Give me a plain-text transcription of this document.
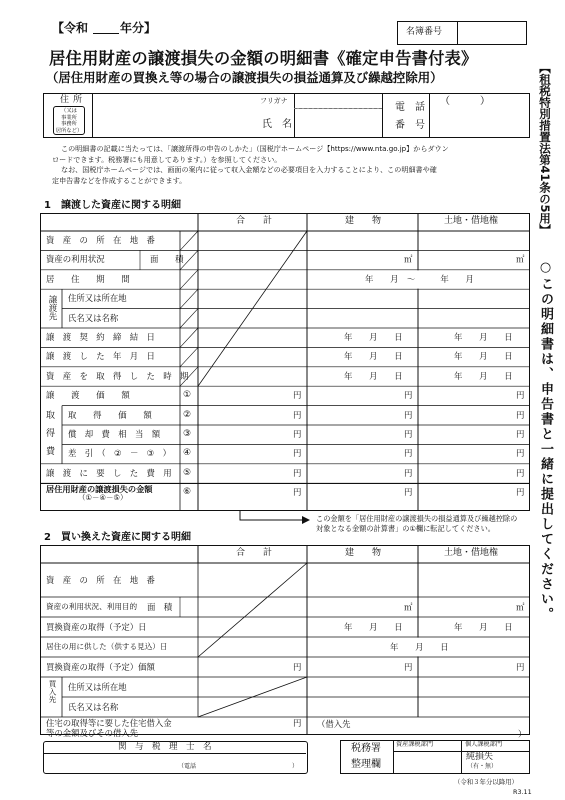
【令和	年分】	名簿番号
居住用財産の譲渡損失の金額の明細書《確定申告書付表》
（居住用財産の買換え等の場合の譲渡損失の損益通算及び繰越控除用）	【租税特別措置法第41条の5用】
○この明細書は、申告書と一緒に提出してください。
住所
（又は
事業所
事務所
居所など）
フリガナ
氏　名
電　話
番　号
（　　　）
この明細書の記載に当たっては、「譲渡所得の申告のしかた」（国税庁ホームページ【https://www.nta.go.jp】からダウン
ロードできます。税務署にも用意してあります。）を参照してください。
なお、国税庁ホームページでは、画面の案内に従って収入金額などの必要項目を入力することにより、この明細書や確
定申告書などを作成することができます。
1　譲渡した資産に関する明細
合　　計	建　　物	土地・借地権
譲渡先
取得費
資　産　の　所　在　地　番
資産の利用状況	面　　積	㎡	㎡
居　　住　　期　　間	年　　月　〜　　　年　　月
住所又は所在地
氏名又は名称
譲　渡　契　約　締　結　日	年　　月　　日	年　　月　　日
譲　渡　し　た　年　月　日	年　　月　　日	年　　月　　日
資　産　を　取　得　し　た　時　期	年　　月　　日	年　　月　　日
譲　　渡　　価　　額	①	円	円	円
取　　得　　価　　額	②	円	円	円
償　却　費　相　当　額	③	円	円	円
差　引　（　②　－　③　） ④	円	円	円
譲　渡　に　要　し　た　費　用 ⑤	円	円	円
居住用財産の譲渡損失の金額
（①－④－⑤）
⑥	円	円	円
この金額を「居住用財産の譲渡損失の損益通算及び繰越控除の
対象となる金額の計算書」の①欄に転記してください。
2　買い換えた資産に関する明細
合　　計	建　　物	土地・借地権
買入先
資　産　の　所　在　地　番
資産の利用状況、利用目的 面　積	㎡	㎡
買換資産の取得（予定）日	年　　月　　日	年　　月　　日
居住の用に供した（供する見込）日	年　　月　　日
買換資産の取得（予定）価額	円	円	円
住所又は所在地
氏名又は名称
住宅の取得等に要した住宅借入金
等の金額及びその借入先
円 （借入先
）
関　与　税　理　士　名
（電話　　　　　　　　　　　　　　　　）
税務署
整理欄
資産課税部門	個人課税部門
純損失
（有・無）
（令和３年分以降用）
R3.11
